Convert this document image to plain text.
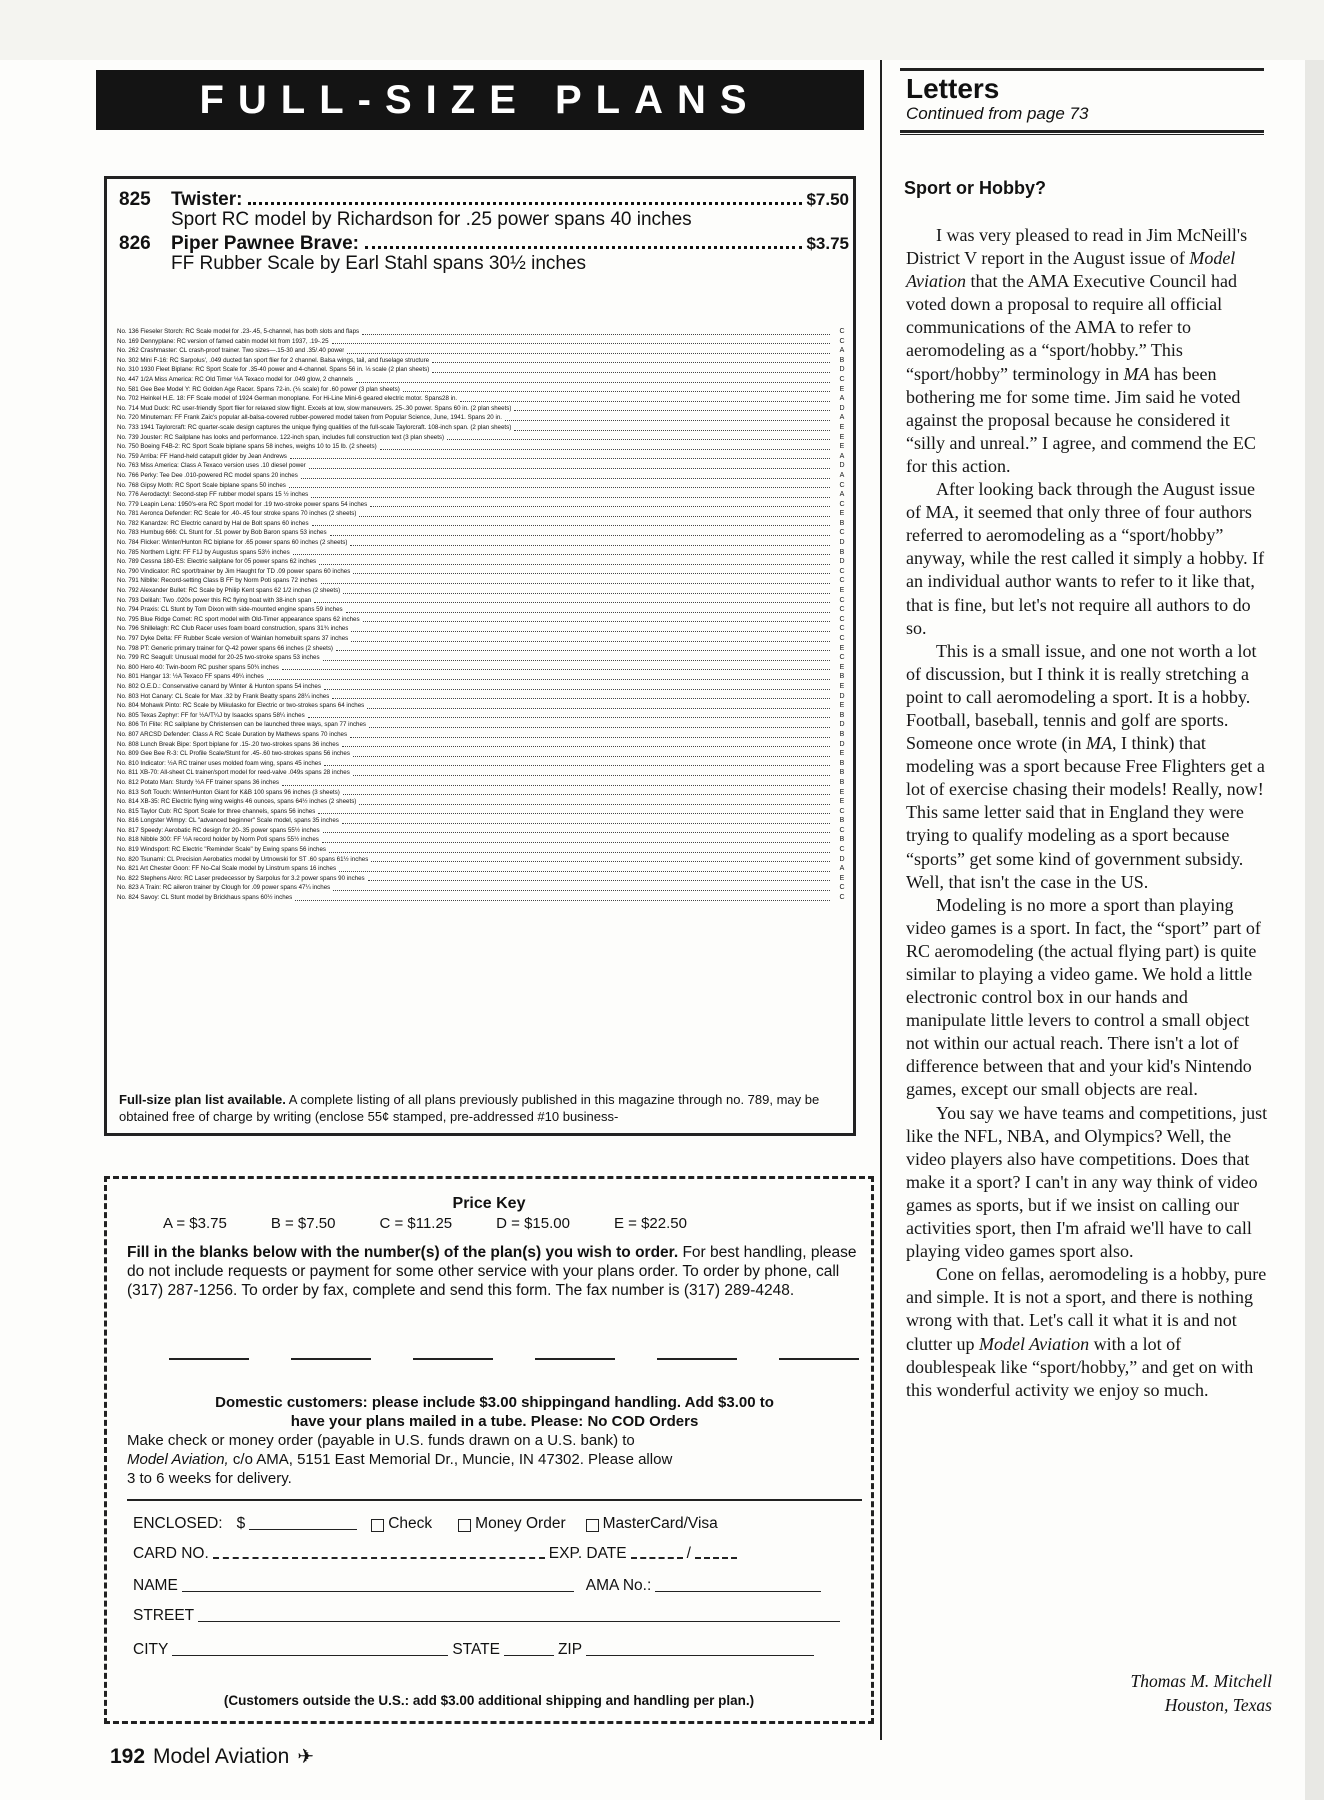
FULL-SIZE PLANS
825	Twister:	$7.50
Sport RC model by Richardson for .25 power spans 40 inches
826	Piper Pawnee Brave:	$3.75
FF Rubber Scale by Earl Stahl spans 30½ inches
No. 136 Fieseler Storch: RC Scale model for .23-.45, 5-channel, has both slots and flaps	C
No. 169 Dennyplane: RC version of famed cabin model kit from 1937, .19-.25	C
No. 262 Crashmaster: CL crash-proof trainer. Two sizes—.15-30 and .35/.40 power	A
No. 302 Mini F-16: RC Sarpolus', .049 ducted fan sport flier for 2 channel. Balsa wings, tail, and fuselage structure	B
No. 310 1930 Fleet Biplane: RC Sport Scale for .35-40 power and 4-channel. Spans 56 in. ⅓ scale (2 plan sheets)	D
No. 447 1/2A Miss America: RC Old Timer ½A Texaco model for .049 glow, 2 channels	C
No. 581 Gee Bee Model Y: RC Golden Age Racer. Spans 72-in. (⅙ scale) for .60 power (3 plan sheets)	E
No. 702 Heinkel H.E. 18: FF Scale model of 1924 German monoplane. For Hi-Line Mini-6 geared electric motor. Spans28 in.	A
No. 714 Mud Duck: RC user-friendly Sport flier for relaxed slow flight. Excels at low, slow maneuvers. 25-.30 power. Spans 60 in. (2 plan sheets)	D
No. 720 Minuteman: FF Frank Zaic's popular all-balsa-covered rubber-powered model taken from Popular Science, June, 1941. Spans 20 in.	A
No. 733 1941 Taylorcraft: RC quarter-scale design captures the unique flying qualities of the full-scale Taylorcraft. 108-inch span. (2 plan sheets)	E
No. 739 Jouster: RC Sailplane has looks and performance. 122-inch span, includes full construction text (3 plan sheets)	E
No. 750 Boeing F4B-2: RC Sport Scale biplane spans 58 inches, weighs 10 to 15 lb. (2 sheets)	E
No. 759 Arriba: FF Hand-held catapult glider by Jean Andrews	A
No. 763 Miss America: Class A Texaco version uses .10 diesel power	D
No. 766 Perky: Tee Dee .010-powered RC model spans 20 inches	A
No. 768 Gipsy Moth: RC Sport Scale biplane spans 50 inches	C
No. 776 Aerodactyl: Second-step FF rubber model spans 15 ½ inches	A
No. 779 Leapin Lena: 1950's-era RC Sport model for .19 two-stroke power spans 54 inches	C
No. 781 Aeronca Defender: RC Scale for .40-.45 four stroke spans 70 inches (2 sheets)	E
No. 782 Kanardze: RC Electric canard by Hal de Bolt spans 60 inches	B
No. 783 Humbug 666: CL Stunt for .51 power by Bob Baron spans 53 inches	C
No. 784 Flicker: Winter/Hunton RC biplane for .65 power spans 60 inches (2 sheets)	D
No. 785 Northern Light: FF F1J by Augustus spans 53½ inches	B
No. 789 Cessna 180-ES: Electric sailplane for 05 power spans 62 inches	D
No. 790 Vindicator: RC sport/trainer by Jim Haught for TD .09 power spans 60 inches	C
No. 791 Niblite: Record-setting Class B FF by Norm Poti spans 72 inches	C
No. 792 Alexander Bullet: RC Scale by Philip Kent spans 62 1/2 inches (2 sheets)	E
No. 793 Delilah: Two .020s power this RC flying boat with 38-inch span	C
No. 794 Praxis: CL Stunt by Tom Dixon with side-mounted engine spans 59 inches	C
No. 795 Blue Ridge Comet: RC sport model with Old-Timer appearance spans 62 inches	C
No. 796 Shillelagh: RC Club Racer uses foam board construction, spans 31¾ inches	C
No. 797 Dyke Delta: FF Rubber Scale version of Wainlan homebuilt spans 37 inches	C
No. 798 PT: Generic primary trainer for Q-42 power spans 66 inches (2 sheets)	E
No. 799 RC Seagull: Unusual model for 20-25 two-stroke spans 53 inches	C
No. 800 Hero 40: Twin-boom RC pusher spans 50¾ inches	E
No. 801 Hangar 13: ½A Texaco FF spans 49¼ inches	B
No. 802 O.E.D.: Conservative canard by Winter & Hunton spans 54 inches	E
No. 803 Hot Canary: CL Scale for Max .32 by Frank Beatty spans 28¼ inches	D
No. 804 Mohawk Pinto: RC Scale by Mikulasko for Electric or two-strokes spans 64 inches	E
No. 805 Texas Zephyr: FF for ½A/T¼J by Isaacks spans 58¼ inches	B
No. 806 Tri Flite: RC sailplane by Christensen can be launched three ways, span 77 inches	D
No. 807 ARCSD Defender: Class A RC Scale Duration by Mathews spans 70 inches	B
No. 808 Lunch Break Bipe: Sport biplane for .15-.20 two-strokes spans 36 inches	D
No. 809 Gee Bee R-3: CL Profile Scale/Stunt for .45-.60 two-strokes spans 56 inches	E
No. 810 Indicator: ½A RC trainer uses molded foam wing, spans 45 inches	B
No. 811 XB-70: All-sheet CL trainer/sport model for reed-valve .049s spans 28 inches	B
No. 812 Potato Man: Sturdy ½A FF trainer spans 36 inches	B
No. 813 Soft Touch: Winter/Hunton Giant for K&B 100 spans 96 inches (3 sheets)	E
No. 814 XB-35: RC Electric flying wing weighs 46 ounces, spans 64½ inches (2 sheets)	E
No. 815 Taylor Cub: RC Sport Scale for three channels, spans 56 inches	C
No. 816 Longster Wimpy: CL "advanced beginner" Scale model, spans 35 inches	B
No. 817 Speedy: Aerobatic RC design for 20-.35 power spans 55½ inches	C
No. 818 Nibble 300: FF ½A record holder by Norm Poti spans 55½ inches	B
No. 819 Windsport: RC Electric "Reminder Scale" by Ewing spans 56 inches	C
No. 820 Tsunami: CL Precision Aerobatics model by Urtnowski for ST .60 spans 61½ inches	D
No. 821 Art Chester Goon: FF No-Cal Scale model by Linstrum spans 16 inches	A
No. 822 Stephens Akro: RC Laser predecessor by Sarpolus for 3.2 power spans 90 inches	E
No. 823 A Train: RC aileron trainer by Clough for .09 power spans 47¼ inches	C
No. 824 Savoy: CL Stunt model by Brickhaus spans 60½ inches	C
Full-size plan list available. A complete listing of all plans previously published in this magazine through no. 789, may be obtained free of charge by writing (enclose 55¢ stamped, pre-addressed #10 business-
Price Key
A = $3.75	B = $7.50	C = $11.25	D = $15.00	E = $22.50
Fill in the blanks below with the number(s) of the plan(s) you wish to order. For best handling, please do not include requests or payment for some other service with your plans order. To order by phone, call (317) 287-1256. To order by fax, complete and send this form. The fax number is (317) 289-4248.
Domestic customers: please include $3.00 shippingand handling. Add $3.00 to
have your plans mailed in a tube. Please: No COD Orders
Make check or money order (payable in U.S. funds drawn on a U.S. bank) to
Model Aviation, c/o AMA, 5151 East Memorial Dr., Muncie, IN 47302. Please allow
3 to 6 weeks for delivery.
ENCLOSED: $	Check	Money Order MasterCard/Visa
CARD NO.	EXP. DATE	/
NAME	AMA No.:
STREET
CITY	STATE	ZIP
(Customers outside the U.S.: add $3.00 additional shipping and handling per plan.)
192 Model Aviation ✈
Letters
Continued from page 73
Sport or Hobby?

I was very pleased to read in Jim McNeill's District V report in the August issue of Model Aviation that the AMA Executive Council had voted down a proposal to require all official communications of the AMA to refer to aeromodeling as a “sport/hobby.” This “sport/hobby” terminology in MA has been bothering me for some time. Jim said he voted against the proposal because he considered it “silly and unreal.” I agree, and commend the EC for this action.

After looking back through the August issue of MA, it seemed that only three of four authors referred to aeromodeling as a “sport/hobby” anyway, while the rest called it simply a hobby. If an individual author wants to refer to it like that, that is fine, but let's not require all authors to do so.

This is a small issue, and one not worth a lot of discussion, but I think it is really stretching a point to call aeromodeling a sport. It is a hobby. Football, baseball, tennis and golf are sports. Someone once wrote (in MA, I think) that modeling was a sport because Free Flighters get a lot of exercise chasing their models! Really, now! This same letter said that in England they were trying to qualify modeling as a sport because “sports” get some kind of government subsidy. Well, that isn't the case in the US.

Modeling is no more a sport than playing video games is a sport. In fact, the “sport” part of RC aeromodeling (the actual flying part) is quite similar to playing a video game. We hold a little electronic control box in our hands and manipulate little levers to control a small object not within our actual reach. There isn't a lot of difference between that and your kid's Nintendo games, except our small objects are real.

You say we have teams and competitions, just like the NFL, NBA, and Olympics? Well, the video players also have competitions. Does that make it a sport? I can't in any way think of video games as sports, but if we insist on calling our activities sport, then I'm afraid we'll have to call playing video games sport also.

Cone on fellas, aeromodeling is a hobby, pure and simple. It is not a sport, and there is nothing wrong with that. Let's call it what it is and not clutter up Model Aviation with a lot of doublespeak like “sport/hobby,” and get on with this wonderful activity we enjoy so much.

Thomas M. Mitchell
Houston, Texas
